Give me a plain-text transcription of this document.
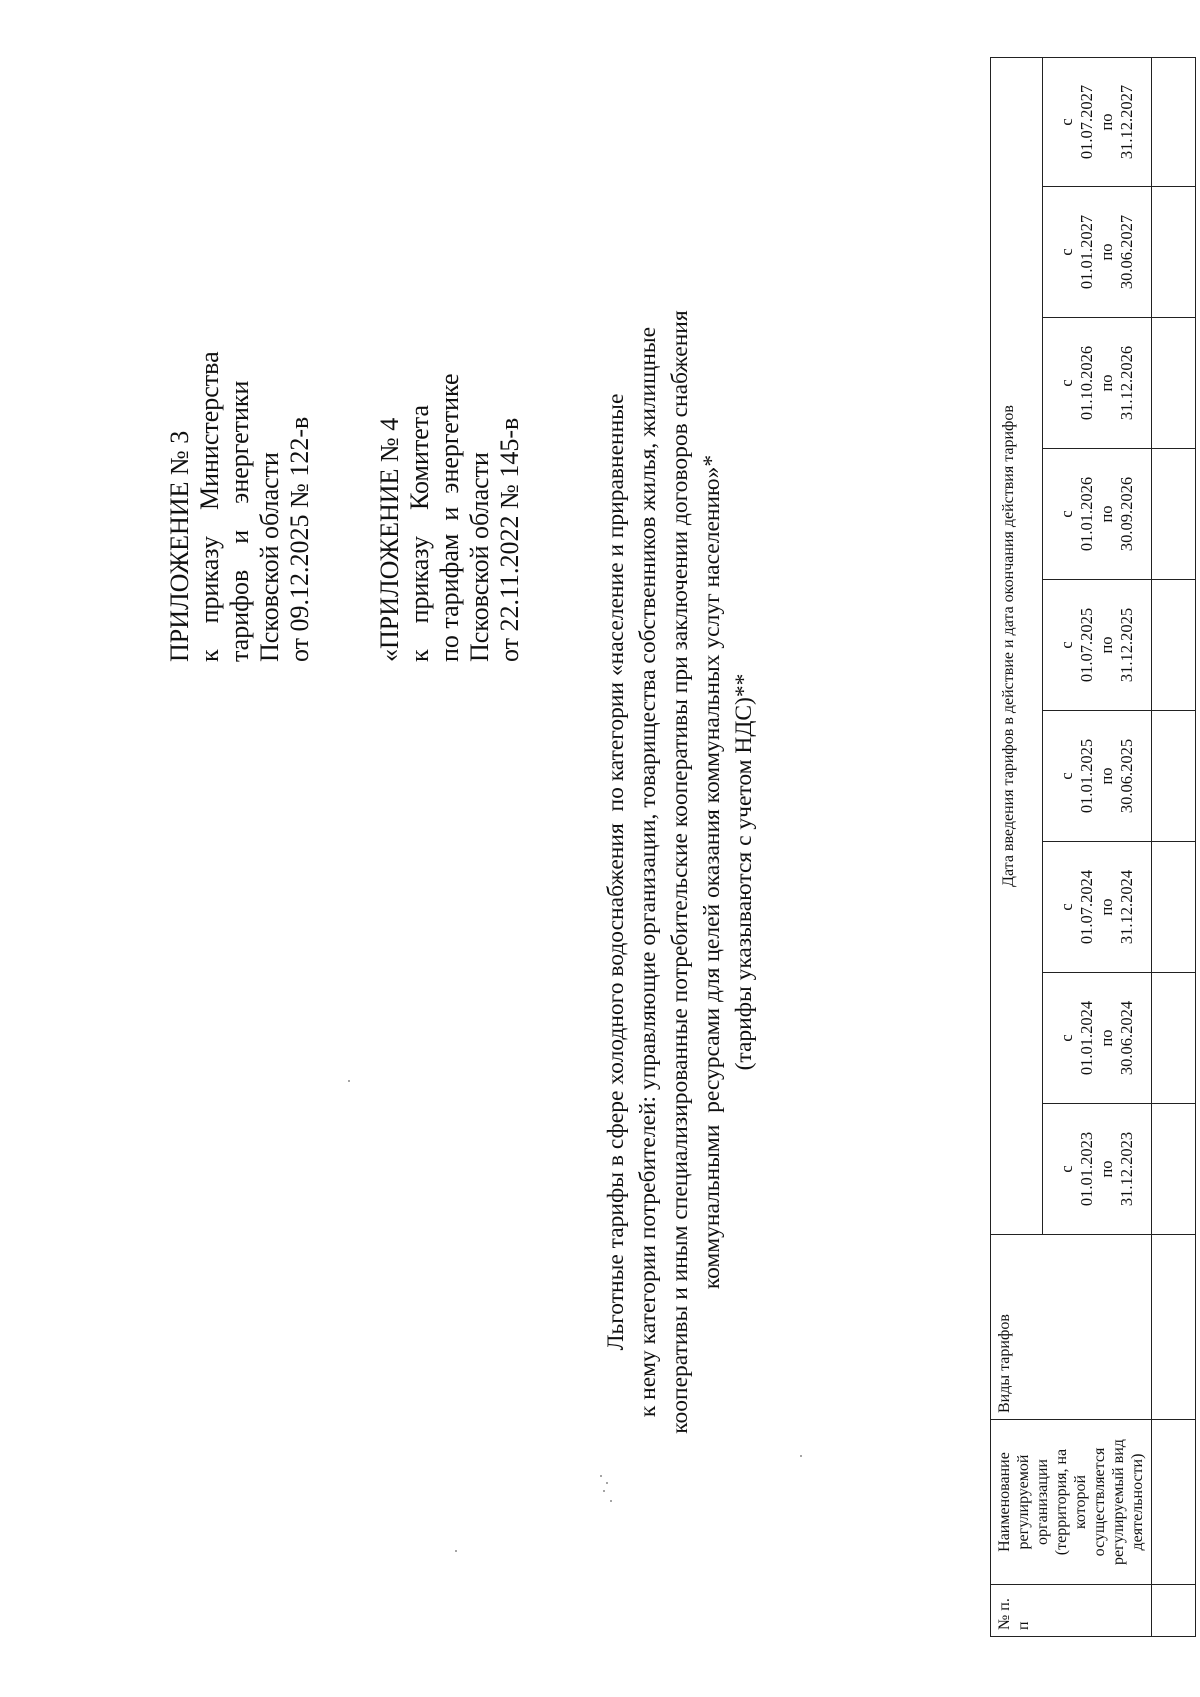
ПРИЛОЖЕНИЕ № 3 к    приказу    Министерства тарифов    и    энергетики Псковской области от 09.12.2025 № 122-в «ПРИЛОЖЕНИЕ № 4 к    приказу    Комитета по тарифам  и  энергетике Псковской области от 22.11.2022 № 145-в	Льготные тарифы в сфере холодного водоснабжения  по категории «население и приравненные к нему категории потребителей: управляющие организации, товарищества собственников жилья, жилищные кооперативы и иным специализированные потребительские кооперативы при заключении договоров снабжения коммунальными  ресурсами для целей оказания коммунальных услуг населению»* (тарифы указываются с учетом НДС)**
№ п. п	Наименование регулируемой организации (территория, на которой осуществляется регулируемый вид деятельности)	Виды тарифов	Дата введения тарифов в действие и дата окончания действия тарифов								

			с 01.01.2023 по 31.12.2023	с 01.01.2024 по 30.06.2024	с 01.07.2024 по 31.12.2024	с 01.01.2025 по 30.06.2025	с 01.07.2025 по 31.12.2025	с 01.01.2026 по 30.09.2026	с 01.10.2026 по 31.12.2026	с 01.01.2027 по 30.06.2027	с 01.07.2027 по 31.12.2027
